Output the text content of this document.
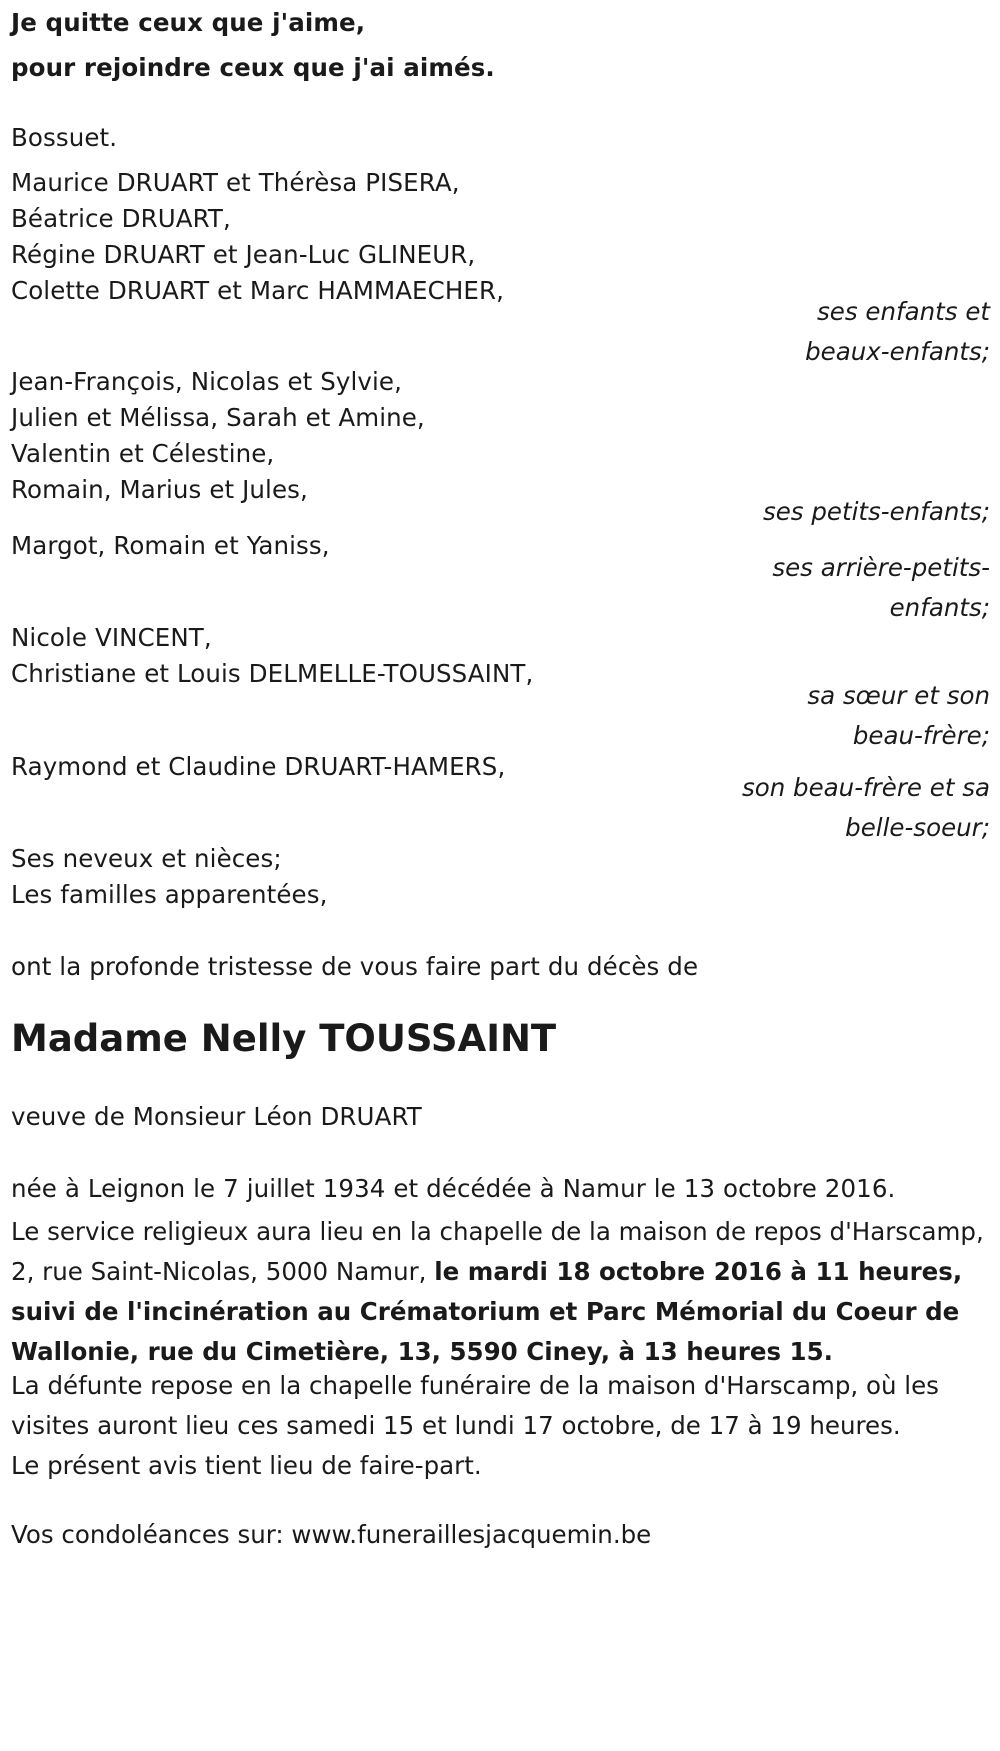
Je quitte ceux que j'aime,
pour rejoindre ceux que j'ai aimés.
Bossuet.
Maurice DRUART et Thérèsa PISERA,
Béatrice DRUART,
Régine DRUART et Jean-Luc GLINEUR,
Colette DRUART et Marc HAMMAECHER,
ses enfants et
beaux-enfants;
Jean-François, Nicolas et Sylvie,
Julien et Mélissa, Sarah et Amine,
Valentin et Célestine,
Romain, Marius et Jules,
ses petits-enfants;
Margot, Romain et Yaniss,
ses arrière-petits-
enfants;
Nicole VINCENT,
Christiane et Louis DELMELLE-TOUSSAINT,
sa sœur et son
beau-frère;
Raymond et Claudine DRUART-HAMERS,
son beau-frère et sa
belle-soeur;
Ses neveux et nièces;
Les familles apparentées,
ont la profonde tristesse de vous faire part du décès de
Madame Nelly TOUSSAINT
veuve de Monsieur Léon DRUART
née à Leignon le 7 juillet 1934 et décédée à Namur le 13 octobre 2016.
Le service religieux aura lieu en la chapelle de la maison de repos d'Harscamp, 2, rue Saint-Nicolas, 5000 Namur, le mardi 18 octobre 2016 à 11 heures, suivi de l'incinération au Crématorium et Parc Mémorial du Coeur de Wallonie, rue du Cimetière, 13, 5590 Ciney, à 13 heures 15.
La défunte repose en la chapelle funéraire de la maison d'Harscamp, où les visites auront lieu ces samedi 15 et lundi 17 octobre, de 17 à 19 heures.
Le présent avis tient lieu de faire-part.
Vos condoléances sur: www.funeraillesjacquemin.be
